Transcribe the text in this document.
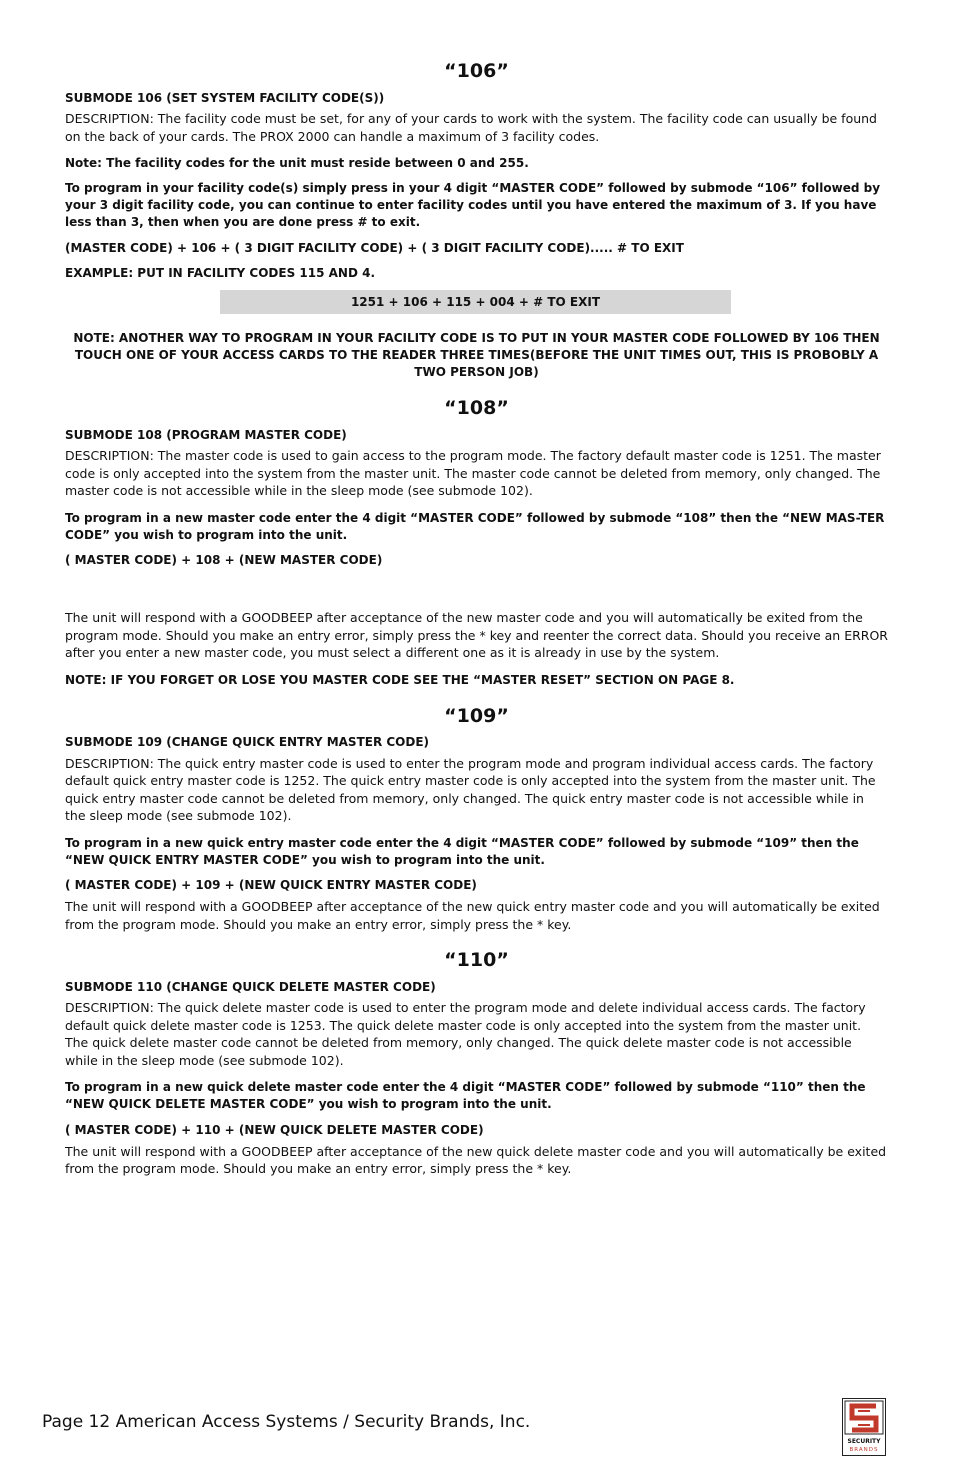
“106”
SUBMODE 106 (SET SYSTEM FACILITY CODE(S))
DESCRIPTION: The facility code must be set, for any of your cards to work with the system. The facility code can usually be found on the back of your cards. The PROX 2000 can handle a maximum of 3 facility codes.
Note: The facility codes for the unit must reside between 0 and 255.
To program in your facility code(s) simply press in your 4 digit “MASTER CODE” followed by submode “106” followed by your 3 digit facility code, you can continue to enter facility codes until you have entered the maximum of 3. If you have less than 3, then when you are done press # to exit.
(MASTER CODE) + 106 + ( 3 DIGIT FACILITY CODE) + ( 3 DIGIT FACILITY CODE)..... # TO EXIT
EXAMPLE: PUT IN FACILITY CODES 115 AND 4.
1251 + 106 + 115 + 004 + # TO EXIT
NOTE: ANOTHER WAY TO PROGRAM IN YOUR FACILITY CODE IS TO PUT IN YOUR MASTER CODE FOLLOWED BY 106 THEN TOUCH ONE OF YOUR ACCESS CARDS TO THE READER THREE TIMES(BEFORE THE UNIT TIMES OUT, THIS IS PROBOBLY A TWO PERSON JOB)
“108”
SUBMODE 108 (PROGRAM MASTER CODE)
DESCRIPTION: The master code is used to gain access to the program mode. The factory default master code is 1251. The master code is only accepted into the system from the master unit. The master code cannot be deleted from memory, only changed. The master code is not accessible while in the sleep mode (see submode 102).
To program in a new master code enter the 4 digit “MASTER CODE” followed by submode “108” then the “NEW MAS-TER CODE” you wish to program into the unit.
( MASTER CODE) + 108 + (NEW MASTER CODE)
The unit will respond with a GOODBEEP after acceptance of the new master code and you will automatically be exited from the program mode. Should you make an entry error, simply press the * key and reenter the correct data. Should you receive an ERROR after you enter a new master code, you must select a different one as it is already in use by the system.
NOTE: IF YOU FORGET OR LOSE YOU MASTER CODE SEE THE “MASTER RESET” SECTION ON PAGE 8.
“109”
SUBMODE 109 (CHANGE QUICK ENTRY MASTER CODE)
DESCRIPTION: The quick entry master code is used to enter the program mode and program individual access cards. The factory default quick entry master code is 1252. The quick entry master code is only accepted into the system from the master unit. The quick entry master code cannot be deleted from memory, only changed. The quick entry master code is not accessible while in the sleep mode (see submode 102).
To program in a new quick entry master code enter the 4 digit “MASTER CODE” followed by submode “109” then the “NEW QUICK ENTRY MASTER CODE” you wish to program into the unit.
( MASTER CODE) + 109 + (NEW QUICK ENTRY MASTER CODE)
The unit will respond with a GOODBEEP after acceptance of the new quick entry master code and you will automatically be exited from the program mode. Should you make an entry error, simply press the * key.
“110”
SUBMODE 110 (CHANGE QUICK DELETE MASTER CODE)
DESCRIPTION: The quick delete master code is used to enter the program mode and delete individual access cards. The factory default quick delete master code is 1253. The quick delete master code is only accepted into the system from the master unit. The quick delete master code cannot be deleted from memory, only changed. The quick delete master code is not accessible while in the sleep mode (see submode 102).
To program in a new quick delete master code enter the 4 digit “MASTER CODE” followed by submode “110” then the “NEW QUICK DELETE MASTER CODE” you wish to program into the unit.
( MASTER CODE) + 110 + (NEW QUICK DELETE MASTER CODE)
The unit will respond with a GOODBEEP after acceptance of the new quick delete master code and you will automatically be exited from the program mode. Should you make an entry error, simply press the * key.
Page 12 American Access Systems / Security Brands, Inc.
SECURITY
BRANDS
